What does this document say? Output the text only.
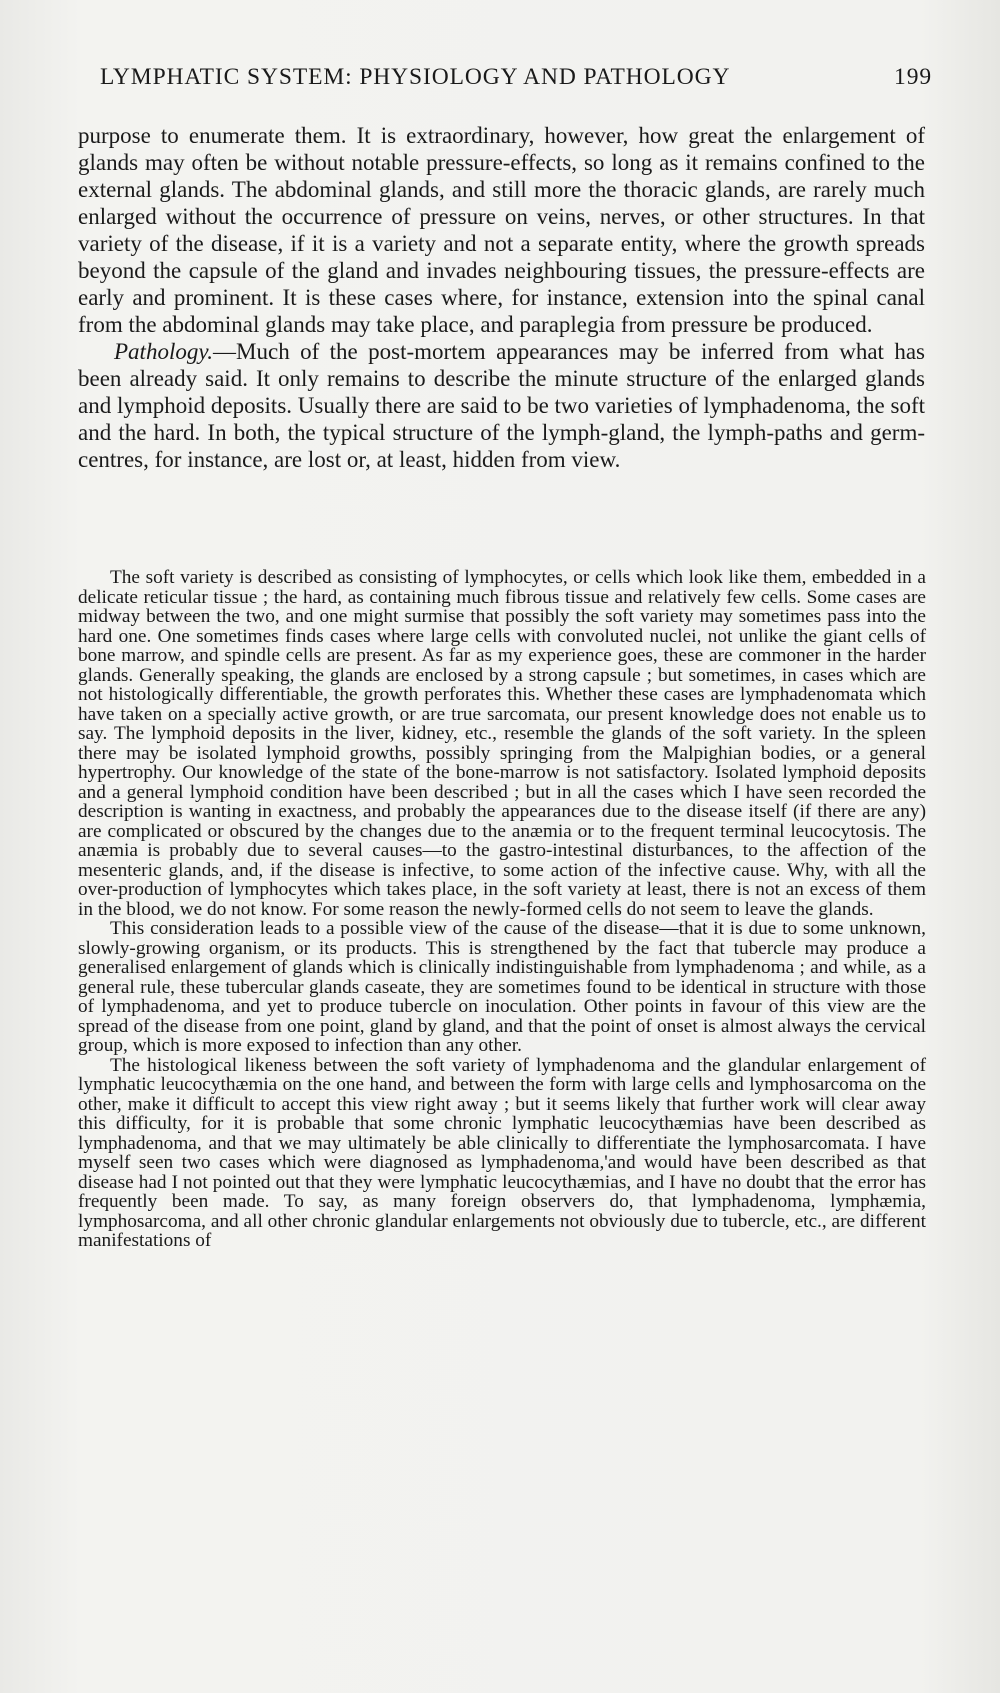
LYMPHATIC SYSTEM: PHYSIOLOGY AND PATHOLOGY	199

purpose to enumerate them. It is extraordinary, however, how great the enlargement of glands may often be without notable pressure-effects, so long as it remains confined to the external glands. The abdominal glands, and still more the thoracic glands, are rarely much enlarged without the occurrence of pressure on veins, nerves, or other structures. In that variety of the disease, if it is a variety and not a separate entity, where the growth spreads beyond the capsule of the gland and invades neighbouring tissues, the pressure-effects are early and prominent. It is these cases where, for instance, extension into the spinal canal from the abdominal glands may take place, and paraplegia from pressure be produced.

Pathology.—Much of the post-mortem appearances may be inferred from what has been already said. It only remains to describe the minute structure of the enlarged glands and lymphoid deposits. Usually there are said to be two varieties of lymphadenoma, the soft and the hard. In both, the typical structure of the lymph-gland, the lymph-paths and germ-centres, for instance, are lost or, at least, hidden from view.

The soft variety is described as consisting of lymphocytes, or cells which look like them, embedded in a delicate reticular tissue ; the hard, as containing much fibrous tissue and relatively few cells. Some cases are midway between the two, and one might surmise that possibly the soft variety may sometimes pass into the hard one. One sometimes finds cases where large cells with convoluted nuclei, not unlike the giant cells of bone marrow, and spindle cells are present. As far as my experience goes, these are commoner in the harder glands. Generally speaking, the glands are enclosed by a strong capsule ; but sometimes, in cases which are not histologically differentiable, the growth perforates this. Whether these cases are lymphadenomata which have taken on a specially active growth, or are true sarcomata, our present knowledge does not enable us to say. The lymphoid deposits in the liver, kidney, etc., resemble the glands of the soft variety. In the spleen there may be isolated lymphoid growths, possibly springing from the Malpighian bodies, or a general hypertrophy. Our knowledge of the state of the bone-marrow is not satisfactory. Isolated lymphoid deposits and a general lymphoid condition have been described ; but in all the cases which I have seen recorded the description is wanting in exactness, and probably the appearances due to the disease itself (if there are any) are complicated or obscured by the changes due to the anæmia or to the frequent terminal leucocytosis. The anæmia is probably due to several causes—to the gastro-intestinal disturbances, to the affection of the mesenteric glands, and, if the disease is infective, to some action of the infective cause. Why, with all the over-production of lymphocytes which takes place, in the soft variety at least, there is not an excess of them in the blood, we do not know. For some reason the newly-formed cells do not seem to leave the glands.

This consideration leads to a possible view of the cause of the disease—that it is due to some unknown, slowly-growing organism, or its products. This is strengthened by the fact that tubercle may produce a generalised enlargement of glands which is clinically indistinguishable from lymphadenoma ; and while, as a general rule, these tubercular glands caseate, they are sometimes found to be identical in structure with those of lymphadenoma, and yet to produce tubercle on inoculation. Other points in favour of this view are the spread of the disease from one point, gland by gland, and that the point of onset is almost always the cervical group, which is more exposed to infection than any other.

The histological likeness between the soft variety of lymphadenoma and the glandular enlargement of lymphatic leucocythæmia on the one hand, and between the form with large cells and lymphosarcoma on the other, make it difficult to accept this view right away ; but it seems likely that further work will clear away this difficulty, for it is probable that some chronic lymphatic leucocythæmias have been described as lymphadenoma, and that we may ultimately be able clinically to differentiate the lymphosarcomata. I have myself seen two cases which were diagnosed as lymphadenoma,'and would have been described as that disease had I not pointed out that they were lymphatic leucocythæmias, and I have no doubt that the error has frequently been made. To say, as many foreign observers do, that lymphadenoma, lymphæmia, lymphosarcoma, and all other chronic glandular enlargements not obviously due to tubercle, etc., are different manifestations of
